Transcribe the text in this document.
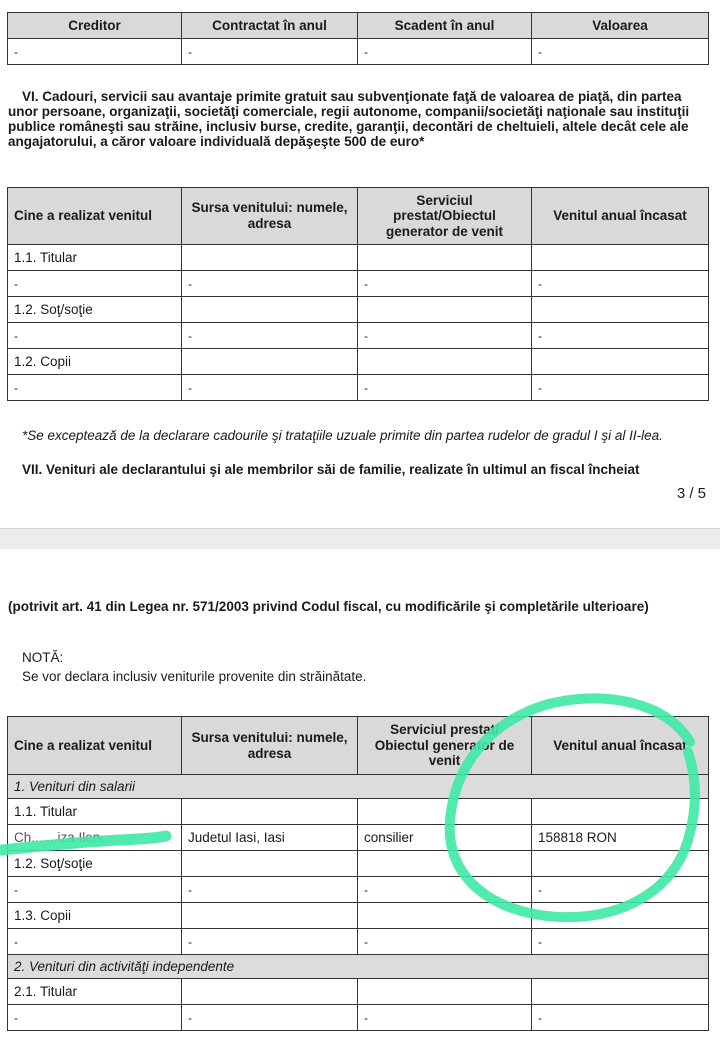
Creditor	Contractat în anul	Scadent în anul	Valoarea
-	-	-	-
VI. Cadouri, servicii sau avantaje primite gratuit sau subvenţionate faţă de valoarea de piaţă, din partea unor persoane, organizaţii, societăţi comerciale, regii autonome, companii/societăţi naţionale sau instituţii publice româneşti sau străine, inclusiv burse, credite, garanţii, decontări de cheltuieli, altele decât cele ale angajatorului, a căror valoare individuală depăşeşte 500 de euro*
Cine a realizat venitul	Sursa venitului: numele, adresa	Serviciul prestat/Obiectul generator de venit	Venitul anual încasat
1.1. Titular			
-	-	-	-
1.2. Soţ/soţie			
-	-	-	-
1.2. Copii			
-	-	-	-
*Se exceptează de la declarare cadourile şi trataţiile uzuale primite din partea rudelor de gradul I şi al II-lea.
VII. Venituri ale declarantului şi ale membrilor săi de familie, realizate în ultimul an fiscal încheiat
3 / 5
(potrivit art. 41 din Legea nr. 571/2003 privind Codul fiscal, cu modificările şi completările ulterioare)
NOTĂ:
Se vor declara inclusiv veniturile provenite din străinătate.
Cine a realizat venitul	Sursa venitului: numele, adresa	Serviciul prestat/ Obiectul generator de venit	Venitul anual încasat
1. Venituri din salarii			
1.1. Titular			
Ch... ...iza Ilen...	Judetul Iasi, Iasi	consilier	158818 RON
1.2. Soţ/soţie			
-	-	-	-
1.3. Copii			
-	-	-	-
2. Venituri din activităţi independente			
2.1. Titular			
-	-	-	-
